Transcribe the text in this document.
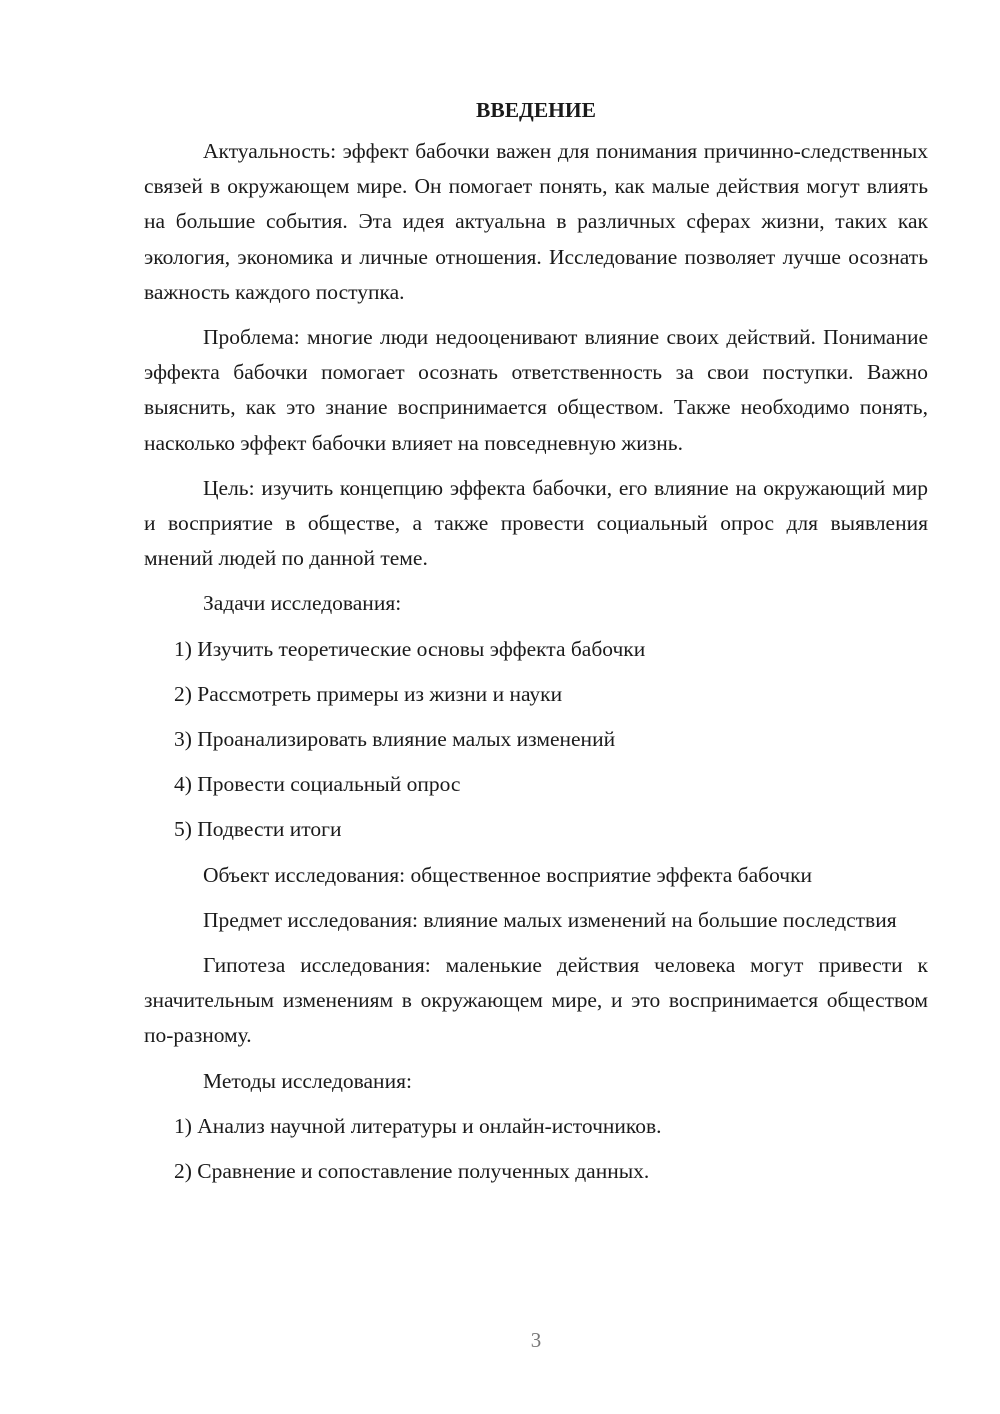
ВВЕДЕНИЕ

Актуальность: эффект бабочки важен для понимания причинно-следственных связей в окружающем мире. Он помогает понять, как малые действия могут влиять на большие события. Эта идея актуальна в различных сферах жизни, таких как экология, экономика и личные отношения. Исследование позволяет лучше осознать важность каждого поступка.

Проблема: многие люди недооценивают влияние своих действий. Понимание эффекта бабочки помогает осознать ответственность за свои поступки. Важно выяснить, как это знание воспринимается обществом. Также необходимо понять, насколько эффект бабочки влияет на повседневную жизнь.

Цель: изучить концепцию эффекта бабочки, его влияние на окружающий мир и восприятие в обществе, а также провести социальный опрос для выявления мнений людей по данной теме.

Задачи исследования:

1) Изучить теоретические основы эффекта бабочки

2) Рассмотреть примеры из жизни и науки

3) Проанализировать влияние малых изменений

4) Провести социальный опрос

5) Подвести итоги

Объект исследования: общественное восприятие эффекта бабочки

Предмет исследования: влияние малых изменений на большие последствия

Гипотеза исследования: маленькие действия человека могут привести к значительным изменениям в окружающем мире, и это воспринимается обществом по-разному.

Методы исследования:

1) Анализ научной литературы и онлайн-источников.

2) Сравнение и сопоставление полученных данных.

3
